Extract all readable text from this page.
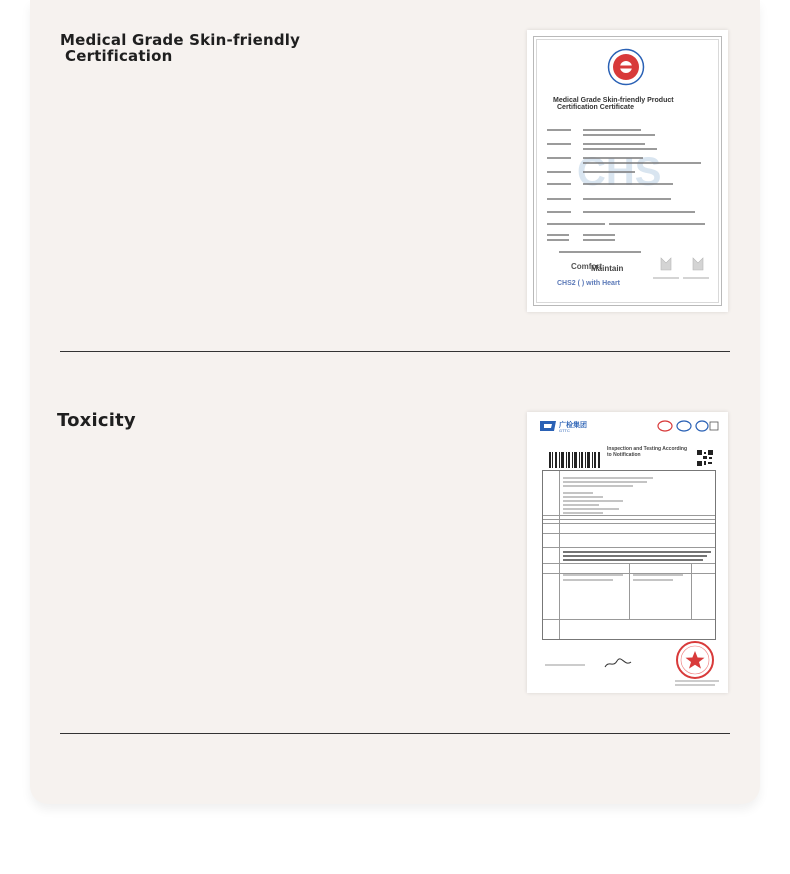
Medical Grade Skin-friendly
Certification
Medical Grade Skin-friendly Product
Certification Certificate
CHS
Comfort
Maintain
CHS2 ( ) with Heart
Toxicity	广检集团
GTTC
Inspection and Testing According
to Notification
